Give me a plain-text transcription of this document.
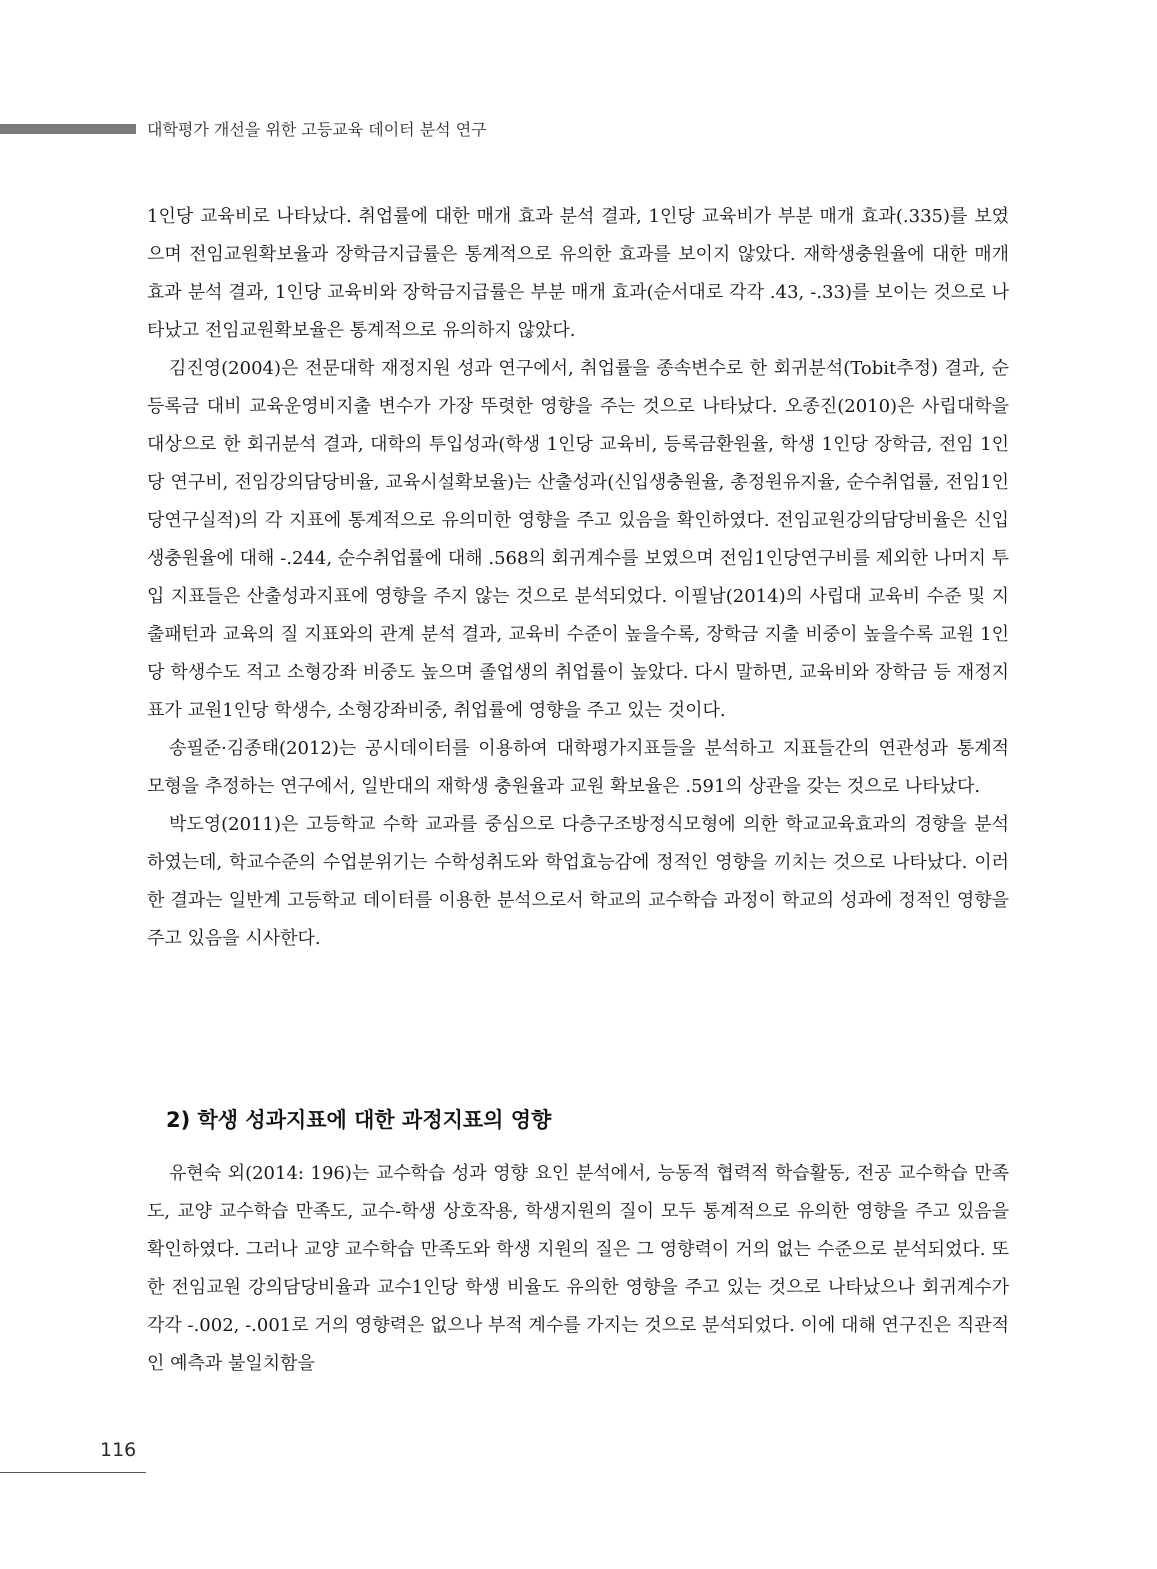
대학평가 개선을 위한 고등교육 데이터 분석 연구

1인당 교육비로 나타났다. 취업률에 대한 매개 효과 분석 결과, 1인당 교육비가 부분 매개 효과(.335)를 보였으며 전임교원확보율과 장학금지급률은 통계적으로 유의한 효과를 보이지 않았다. 재학생충원율에 대한 매개 효과 분석 결과, 1인당 교육비와 장학금지급률은 부분 매개 효과(순서대로 각각 .43, -.33)를 보이는 것으로 나타났고 전임교원확보율은 통계적으로 유의하지 않았다.

김진영(2004)은 전문대학 재정지원 성과 연구에서, 취업률을 종속변수로 한 회귀분석(Tobit추정) 결과, 순등록금 대비 교육운영비지출 변수가 가장 뚜렷한 영향을 주는 것으로 나타났다. 오종진(2010)은 사립대학을 대상으로 한 회귀분석 결과, 대학의 투입성과(학생 1인당 교육비, 등록금환원율, 학생 1인당 장학금, 전임 1인당 연구비, 전임강의담당비율, 교육시설확보율)는 산출성과(신입생충원율, 총정원유지율, 순수취업률, 전임1인당연구실적)의 각 지표에 통계적으로 유의미한 영향을 주고 있음을 확인하였다. 전임교원강의담당비율은 신입생충원율에 대해 -.244, 순수취업률에 대해 .568의 회귀계수를 보였으며 전임1인당연구비를 제외한 나머지 투입 지표들은 산출성과지표에 영향을 주지 않는 것으로 분석되었다. 이필남(2014)의 사립대 교육비 수준 및 지출패턴과 교육의 질 지표와의 관계 분석 결과, 교육비 수준이 높을수록, 장학금 지출 비중이 높을수록 교원 1인당 학생수도 적고 소형강좌 비중도 높으며 졸업생의 취업률이 높았다. 다시 말하면, 교육비와 장학금 등 재정지표가 교원1인당 학생수, 소형강좌비중, 취업률에 영향을 주고 있는 것이다.

송필준·김종태(2012)는 공시데이터를 이용하여 대학평가지표들을 분석하고 지표들간의 연관성과 통계적 모형을 추정하는 연구에서, 일반대의 재학생 충원율과 교원 확보율은 .591의 상관을 갖는 것으로 나타났다.

박도영(2011)은 고등학교 수학 교과를 중심으로 다층구조방정식모형에 의한 학교교육효과의 경향을 분석하였는데, 학교수준의 수업분위기는 수학성취도와 학업효능감에 정적인 영향을 끼치는 것으로 나타났다. 이러한 결과는 일반계 고등학교 데이터를 이용한 분석으로서 학교의 교수학습 과정이 학교의 성과에 정적인 영향을 주고 있음을 시사한다.

2) 학생 성과지표에 대한 과정지표의 영향

유현숙 외(2014: 196)는 교수학습 성과 영향 요인 분석에서, 능동적 협력적 학습활동, 전공 교수학습 만족도, 교양 교수학습 만족도, 교수-학생 상호작용, 학생지원의 질이 모두 통계적으로 유의한 영향을 주고 있음을 확인하였다. 그러나 교양 교수학습 만족도와 학생 지원의 질은 그 영향력이 거의 없는 수준으로 분석되었다. 또한 전임교원 강의담당비율과 교수1인당 학생 비율도 유의한 영향을 주고 있는 것으로 나타났으나 회귀계수가 각각 -.002, -.001로 거의 영향력은 없으나 부적 계수를 가지는 것으로 분석되었다. 이에 대해 연구진은 직관적인 예측과 불일치함을

116
